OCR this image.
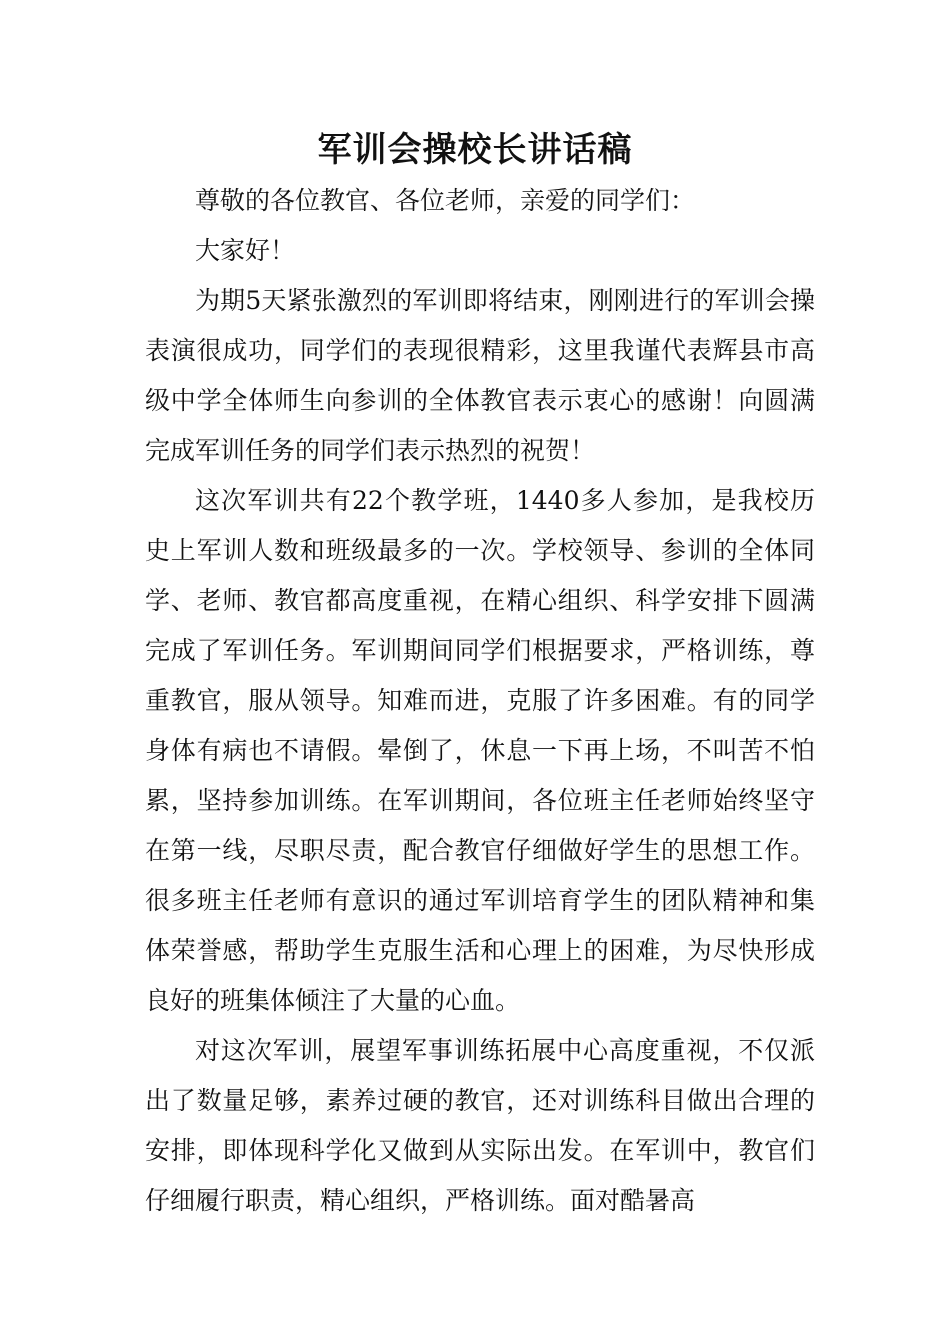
军训会操校长讲话稿

尊敬的各位教官、各位老师，亲爱的同学们：

大家好！

为期5天紧张激烈的军训即将结束，刚刚进行的军训会操表演很成功，同学们的表现很精彩，这里我谨代表辉县市高级中学全体师生向参训的全体教官表示衷心的感谢！向圆满完成军训任务的同学们表示热烈的祝贺！

这次军训共有22个教学班，1440多人参加，是我校历史上军训人数和班级最多的一次。学校领导、参训的全体同学、老师、教官都高度重视，在精心组织、科学安排下圆满完成了军训任务。军训期间同学们根据要求，严格训练，尊重教官，服从领导。知难而进，克服了许多困难。有的同学身体有病也不请假。晕倒了，休息一下再上场，不叫苦不怕累，坚持参加训练。在军训期间，各位班主任老师始终坚守在第一线，尽职尽责，配合教官仔细做好学生的思想工作。很多班主任老师有意识的通过军训培育学生的团队精神和集体荣誉感，帮助学生克服生活和心理上的困难，为尽快形成良好的班集体倾注了大量的心血。

对这次军训，展望军事训练拓展中心高度重视，不仅派出了数量足够，素养过硬的教官，还对训练科目做出合理的安排，即体现科学化又做到从实际出发。在军训中，教官们仔细履行职责，精心组织，严格训练。面对酷暑高
